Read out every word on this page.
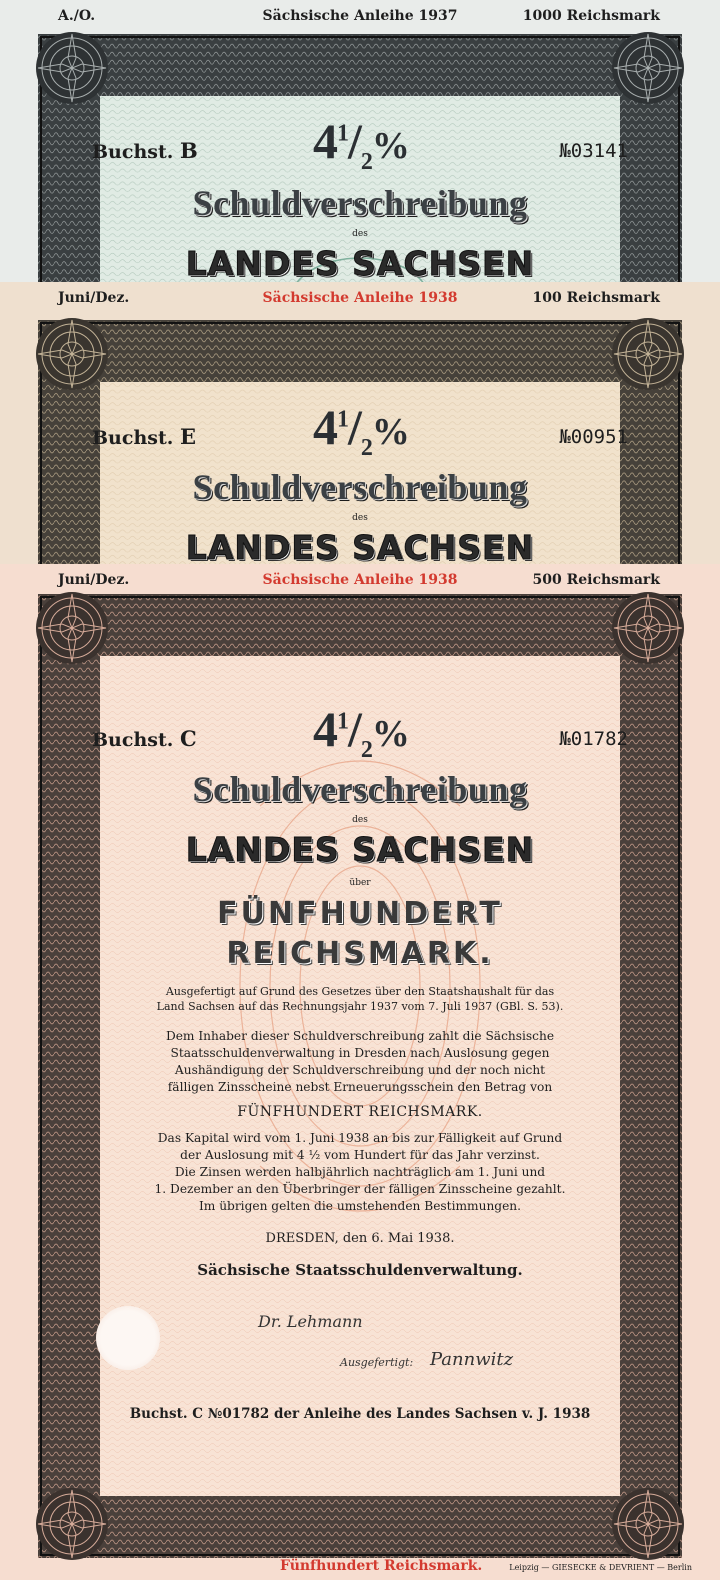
A./O.	Sächsische Anleihe 1937	1000 Reichsmark
Buchst. B $4^1/_2\%$	№03141
Schuldverschreibung
des
LANDES SACHSEN
Juni/Dez.	Sächsische Anleihe 1938	100 Reichsmark
Buchst. E $4^1/_2\%$	№00951
Schuldverschreibung
des
LANDES SACHSEN
Juni/Dez.	Sächsische Anleihe 1938	500 Reichsmark
Buchst. C $4^1/_2\%$	№01782
Schuldverschreibung
des
LANDES SACHSEN
über
FÜNFHUNDERT
REICHSMARK.
Ausgefertigt auf Grund des Gesetzes über den Staatshaushalt für das
Land Sachsen auf das Rechnungsjahr 1937 vom 7. Juli 1937 (GBl. S. 53).
Dem Inhaber dieser Schuldverschreibung zahlt die Sächsische
Staatsschuldenverwaltung in Dresden nach Auslosung gegen
Aushändigung der Schuldverschreibung und der noch nicht
fälligen Zinsscheine nebst Erneuerungsschein den Betrag von
FÜNFHUNDERT REICHSMARK.
Das Kapital wird vom 1. Juni 1938 an bis zur Fälligkeit auf Grund
der Auslosung mit 4 ½ vom Hundert für das Jahr verzinst.
Die Zinsen werden halbjährlich nachträglich am 1. Juni und
1. Dezember an den Überbringer der fälligen Zinsscheine gezahlt.
Im übrigen gelten die umstehenden Bestimmungen.
DRESDEN, den 6. Mai 1938.
Sächsische Staatsschuldenverwaltung.
Dr. Lehmann
Ausgefertigt: Pannwitz
Buchst. C №01782 der Anleihe des Landes Sachsen v. J. 1938
Fünfhundert Reichsmark.	Leipzig — GIESECKE & DEVRIENT — Berlin
